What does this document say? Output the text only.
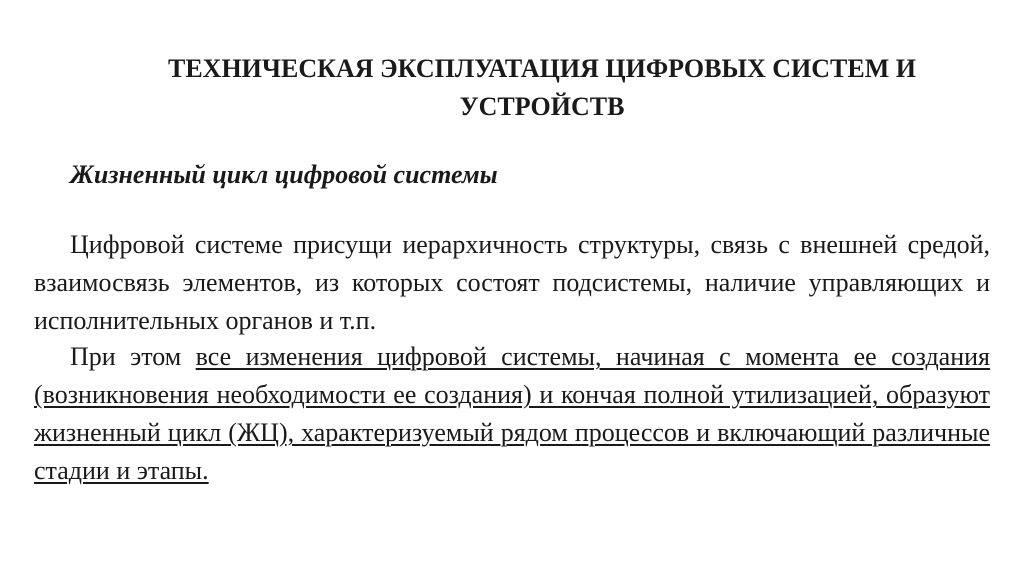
ТЕХНИЧЕСКАЯ ЭКСПЛУАТАЦИЯ ЦИФРОВЫХ СИСТЕМ И УСТРОЙСТВ

Жизненный цикл цифровой системы

Цифровой системе присущи иерархичность структуры, связь с внешней средой, взаимосвязь элементов, из которых состоят подсистемы, наличие управляющих и исполнительных органов и т.п.

При этом все изменения цифровой системы, начиная с момента ее создания (возникновения необходимости ее создания) и кончая полной утилизацией, образуют жизненный цикл (ЖЦ), характеризуемый рядом процессов и включающий различные стадии и этапы.
